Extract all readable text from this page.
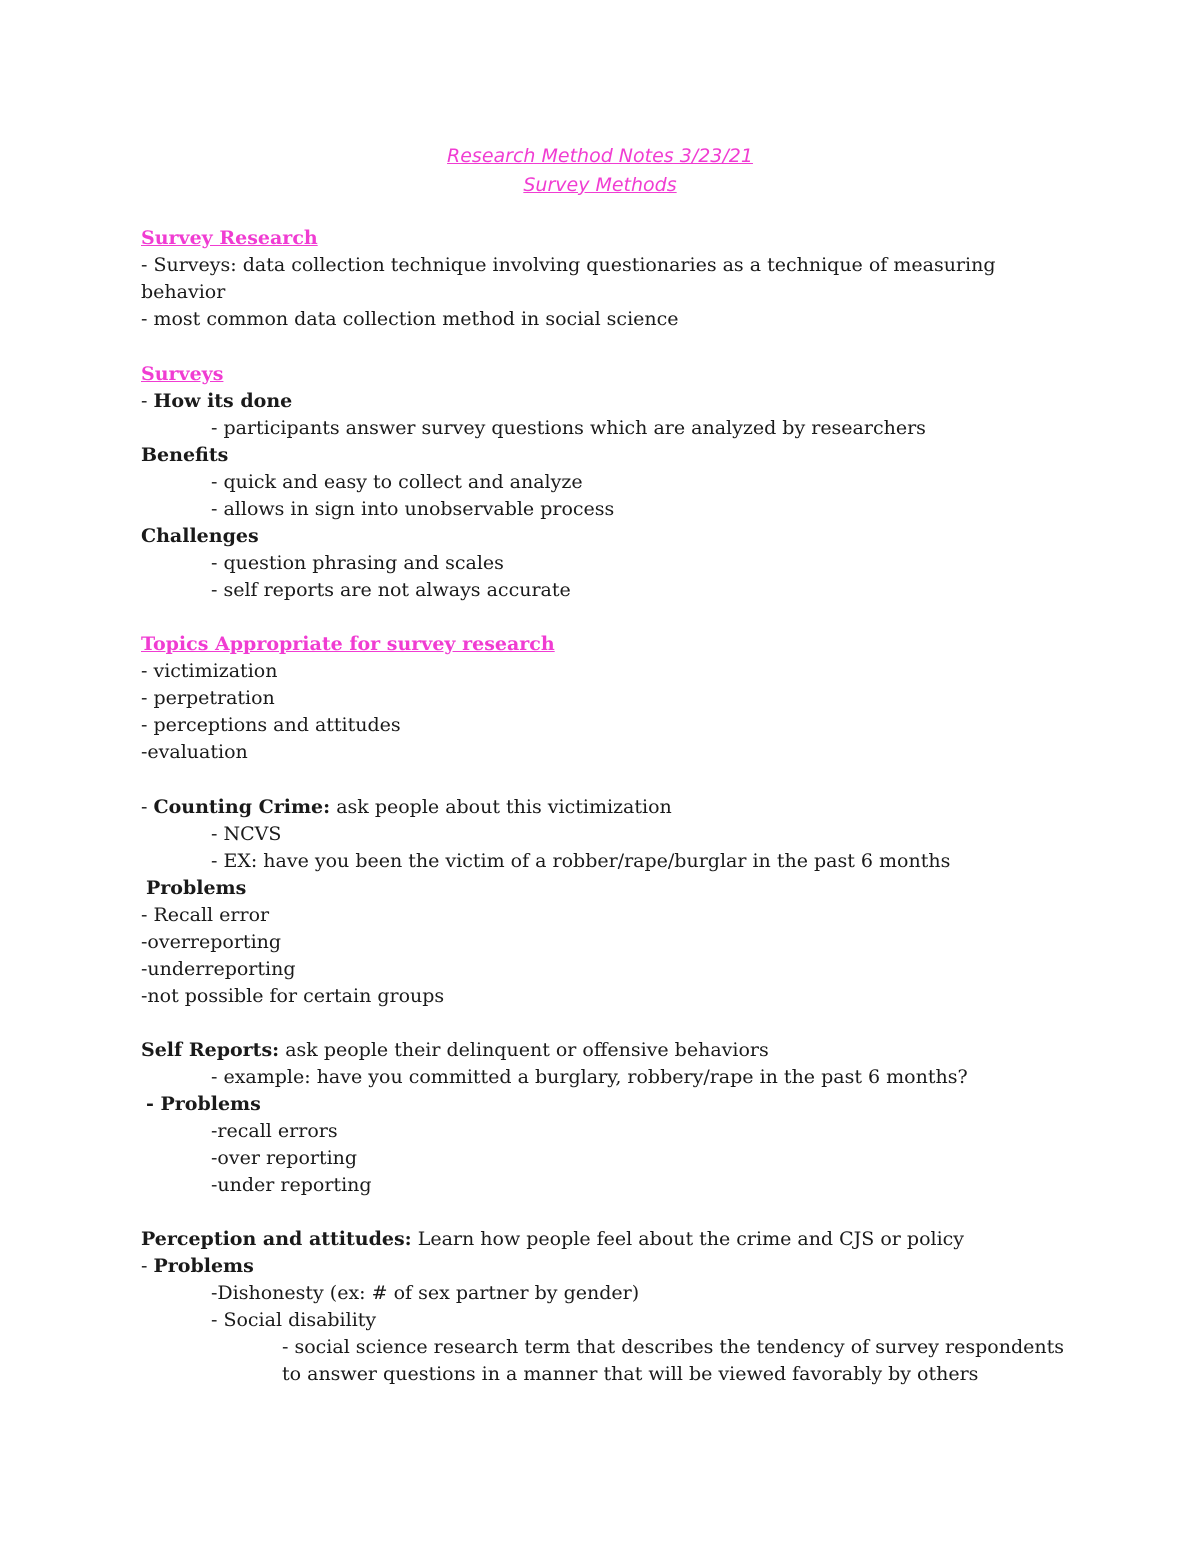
Research Method Notes 3/23/21
Survey Methods
Survey Research
- Surveys: data collection technique involving questionaries as a technique of measuring
behavior
- most common data collection method in social science
Surveys
- How its done
- participants answer survey questions which are analyzed by researchers
Benefits
- quick and easy to collect and analyze
- allows in sign into unobservable process
Challenges
- question phrasing and scales
- self reports are not always accurate
Topics Appropriate for survey research
- victimization
- perpetration
- perceptions and attitudes
-evaluation
- Counting Crime: ask people about this victimization
- NCVS
- EX: have you been the victim of a robber/rape/burglar in the past 6 months
Problems
- Recall error
-overreporting
-underreporting
-not possible for certain groups
Self Reports: ask people their delinquent or offensive behaviors
- example: have you committed a burglary, robbery/rape in the past 6 months?
- Problems
-recall errors
-over reporting
-under reporting
Perception and attitudes: Learn how people feel about the crime and CJS or policy
- Problems
-Dishonesty (ex: # of sex partner by gender)
- Social disability
- social science research term that describes the tendency of survey respondents
to answer questions in a manner that will be viewed favorably by others
